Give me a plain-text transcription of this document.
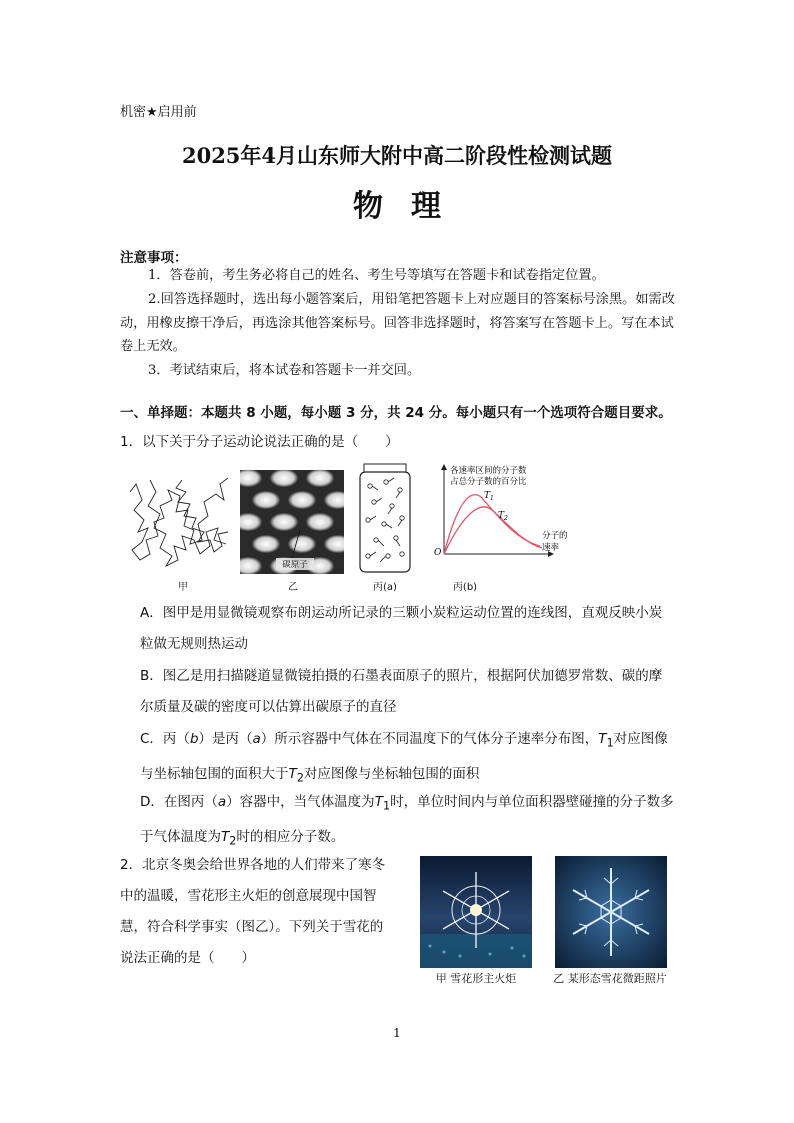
机密★启用前
2025年4月山东师大附中高二阶段性检测试题
物理
注意事项：
1．答卷前，考生务必将自己的姓名、考生号等填写在答题卡和试卷指定位置。
2.回答选择题时，选出每小题答案后，用铅笔把答题卡上对应题目的答案标号涂黑。如需改动，用橡皮擦干净后，再选涂其他答案标号。回答非选择题时，将答案写在答题卡上。写在本试卷上无效。
3．考试结束后，将本试卷和答题卡一并交回。
一、单择题：本题共 8 小题，每小题 3 分，共 24 分。每小题只有一个选项符合题目要求。
1．以下关于分子运动论说法正确的是（　　）
甲
碳原子
乙	丙(a)
各速率区间的分子数
占总分子数的百分比
$T_1$
$T_2$
O
分子的
速率
丙(b)
A．图甲是用显微镜观察布朗运动所记录的三颗小炭粒运动位置的连线图，直观反映小炭粒做无规则热运动
B．图乙是用扫描隧道显微镜拍摄的石墨表面原子的照片，根据阿伏加德罗常数、碳的摩尔质量及碳的密度可以估算出碳原子的直径
C．丙（b）是丙（a）所示容器中气体在不同温度下的气体分子速率分布图，$T_1$对应图像与坐标轴包围的面积大于$T_2$对应图像与坐标轴包围的面积
D．在图丙（a）容器中，当气体温度为$T_1$时，单位时间内与单位面积器壁碰撞的分子数多于气体温度为$T_2$时的相应分子数。
2．北京冬奥会给世界各地的人们带来了寒冬中的温暖，雪花形主火炬的创意展现中国智慧，符合科学事实（图乙）。下列关于雪花的说法正确的是（　　）
甲 雪花形主火炬	乙 某形态雪花微距照片
1
